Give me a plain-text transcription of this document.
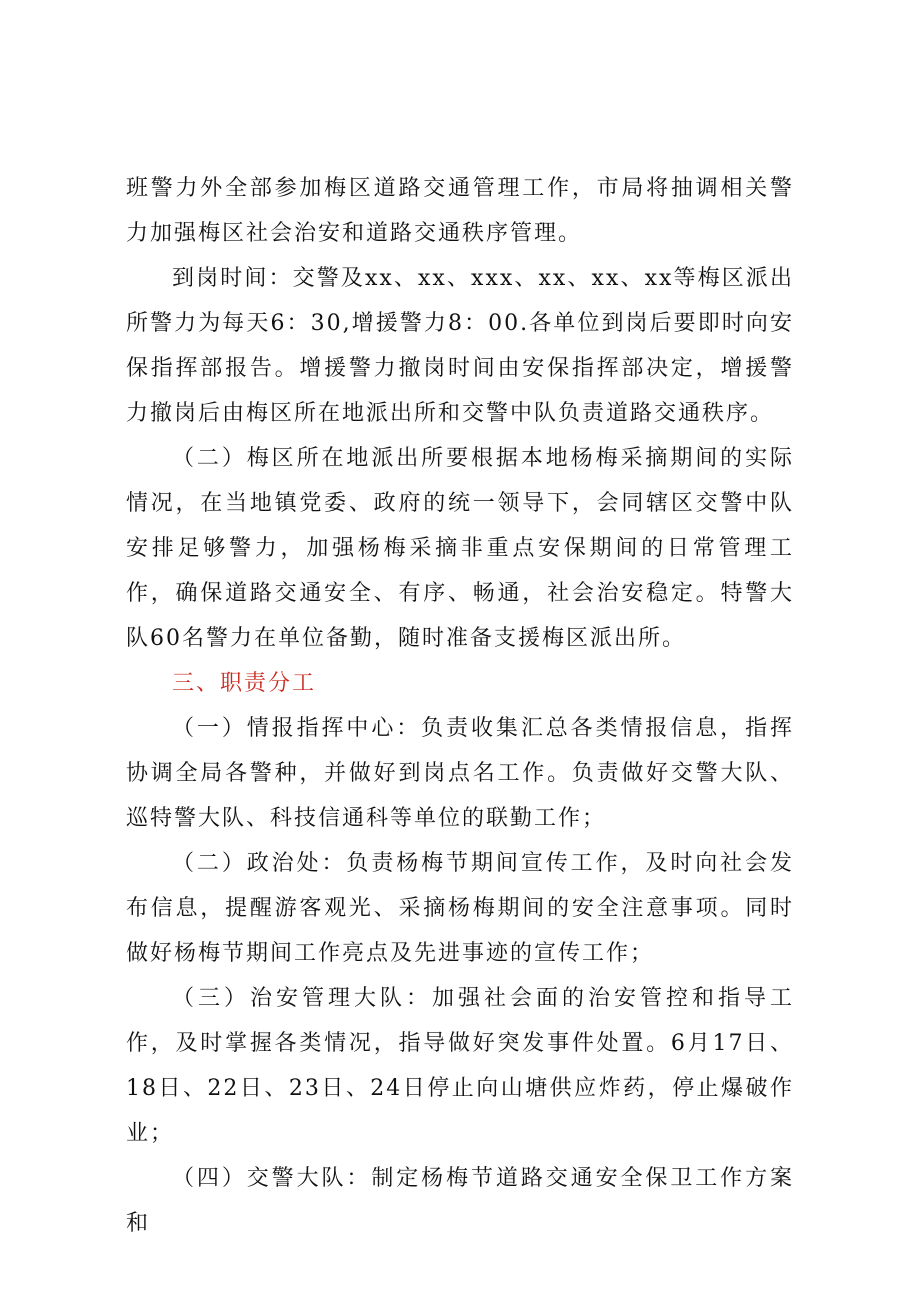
班警力外全部参加梅区道路交通管理工作，市局将抽调相关警力加强梅区社会治安和道路交通秩序管理。

到岗时间：交警及xx、xx、xxx、xx、xx、xx等梅区派出所警力为每天6：30,增援警力8：00.各单位到岗后要即时向安保指挥部报告。增援警力撤岗时间由安保指挥部决定，增援警力撤岗后由梅区所在地派出所和交警中队负责道路交通秩序。

（二）梅区所在地派出所要根据本地杨梅采摘期间的实际情况，在当地镇党委、政府的统一领导下，会同辖区交警中队安排足够警力，加强杨梅采摘非重点安保期间的日常管理工作，确保道路交通安全、有序、畅通，社会治安稳定。特警大队60名警力在单位备勤，随时准备支援梅区派出所。

三、职责分工

（一）情报指挥中心：负责收集汇总各类情报信息，指挥协调全局各警种，并做好到岗点名工作。负责做好交警大队、巡特警大队、科技信通科等单位的联勤工作；

（二）政治处：负责杨梅节期间宣传工作，及时向社会发布信息，提醒游客观光、采摘杨梅期间的安全注意事项。同时做好杨梅节期间工作亮点及先进事迹的宣传工作；

（三）治安管理大队：加强社会面的治安管控和指导工作，及时掌握各类情况，指导做好突发事件处置。6月17日、18日、22日、23日、24日停止向山塘供应炸药，停止爆破作业；

（四）交警大队：制定杨梅节道路交通安全保卫工作方案和
